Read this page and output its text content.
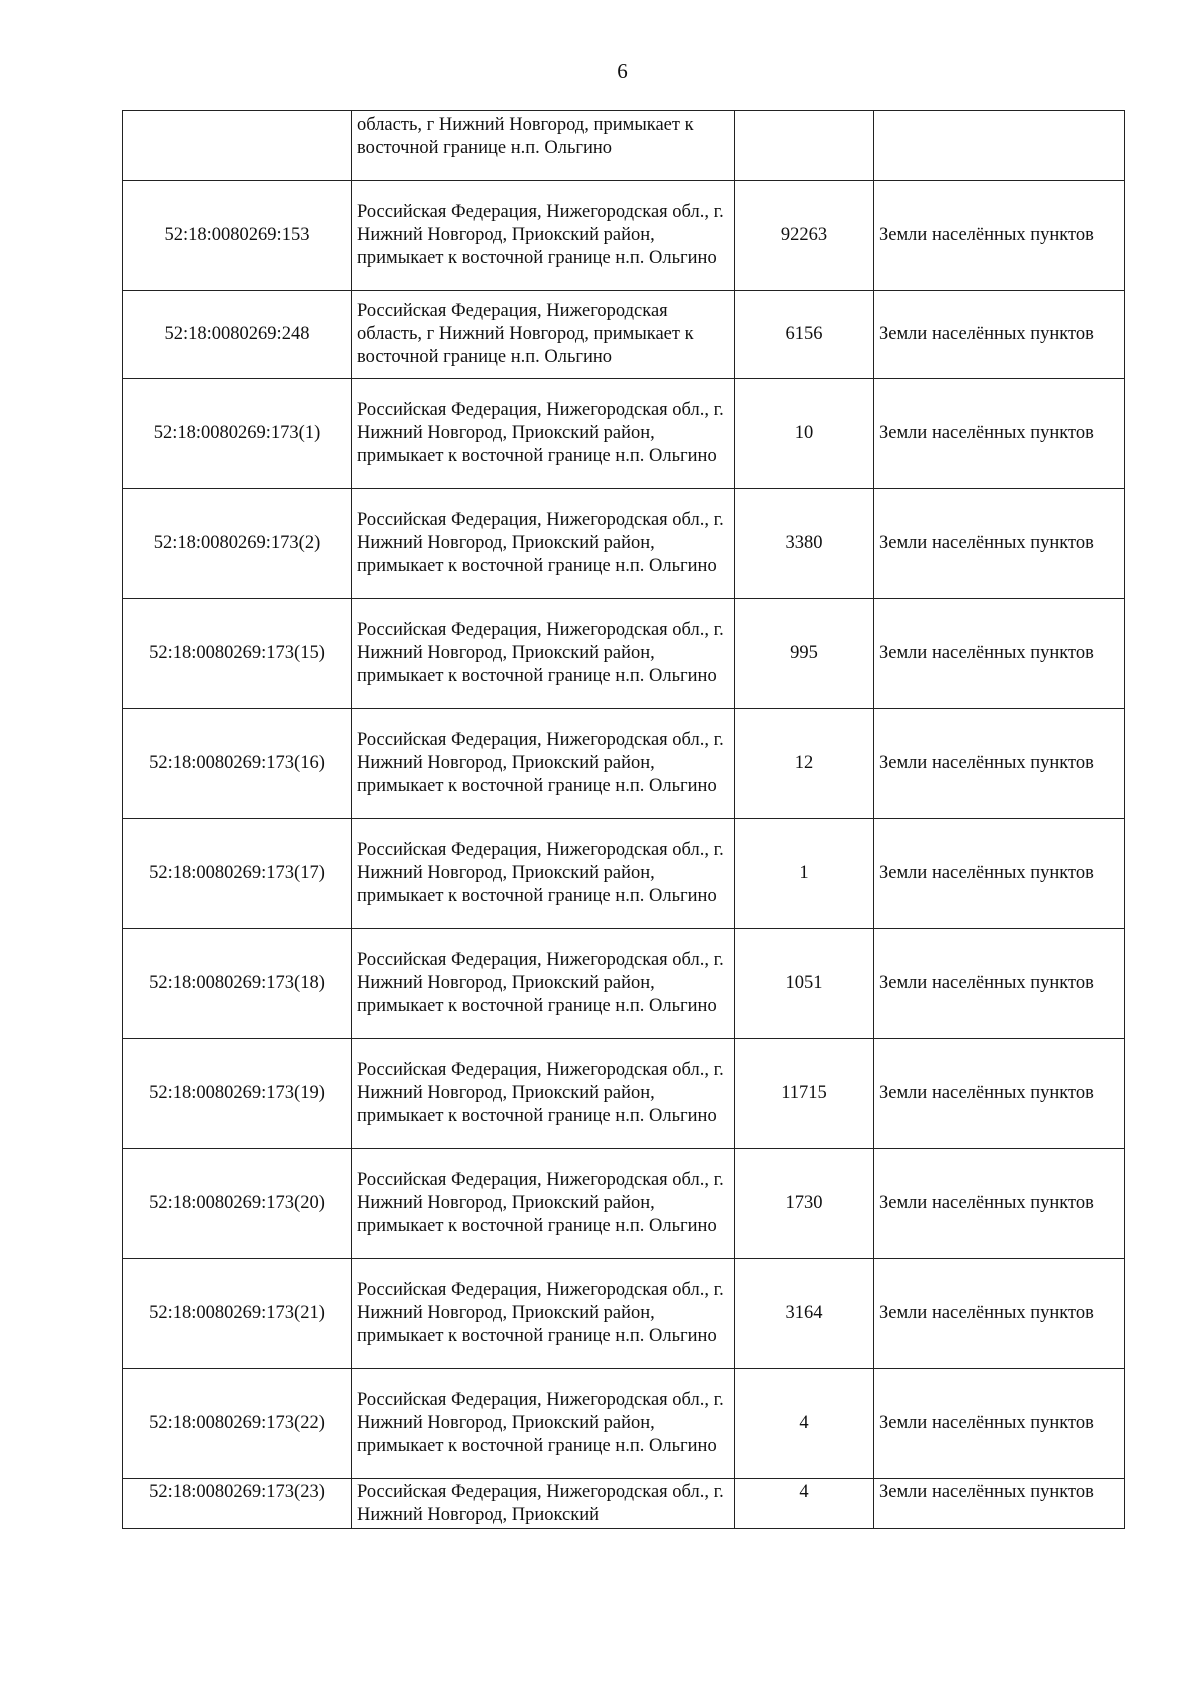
6
	область, г Нижний Новгород, примыкает к восточной границе н.п. Ольгино		
52:18:0080269:153	Российская Федерация, Нижегородская обл., г. Нижний Новгород, Приокский район, примыкает к восточной границе н.п. Ольгино	92263	Земли населённых пунктов
52:18:0080269:248	Российская Федерация, Нижегородская область, г Нижний Новгород, примыкает к восточной границе н.п. Ольгино	6156	Земли населённых пунктов
52:18:0080269:173(1)	Российская Федерация, Нижегородская обл., г. Нижний Новгород, Приокский район, примыкает к восточной границе н.п. Ольгино	10	Земли населённых пунктов
52:18:0080269:173(2)	Российская Федерация, Нижегородская обл., г. Нижний Новгород, Приокский район, примыкает к восточной границе н.п. Ольгино	3380	Земли населённых пунктов
52:18:0080269:173(15)	Российская Федерация, Нижегородская обл., г. Нижний Новгород, Приокский район, примыкает к восточной границе н.п. Ольгино	995	Земли населённых пунктов
52:18:0080269:173(16)	Российская Федерация, Нижегородская обл., г. Нижний Новгород, Приокский район, примыкает к восточной границе н.п. Ольгино	12	Земли населённых пунктов
52:18:0080269:173(17)	Российская Федерация, Нижегородская обл., г. Нижний Новгород, Приокский район, примыкает к восточной границе н.п. Ольгино	1	Земли населённых пунктов
52:18:0080269:173(18)	Российская Федерация, Нижегородская обл., г. Нижний Новгород, Приокский район, примыкает к восточной границе н.п. Ольгино	1051	Земли населённых пунктов
52:18:0080269:173(19)	Российская Федерация, Нижегородская обл., г. Нижний Новгород, Приокский район, примыкает к восточной границе н.п. Ольгино	11715	Земли населённых пунктов
52:18:0080269:173(20)	Российская Федерация, Нижегородская обл., г. Нижний Новгород, Приокский район, примыкает к восточной границе н.п. Ольгино	1730	Земли населённых пунктов
52:18:0080269:173(21)	Российская Федерация, Нижегородская обл., г. Нижний Новгород, Приокский район, примыкает к восточной границе н.п. Ольгино	3164	Земли населённых пунктов
52:18:0080269:173(22)	Российская Федерация, Нижегородская обл., г. Нижний Новгород, Приокский район, примыкает к восточной границе н.п. Ольгино	4	Земли населённых пунктов
52:18:0080269:173(23)	Российская Федерация, Нижегородская обл., г. Нижний Новгород, Приокский	4	Земли населённых пунктов
